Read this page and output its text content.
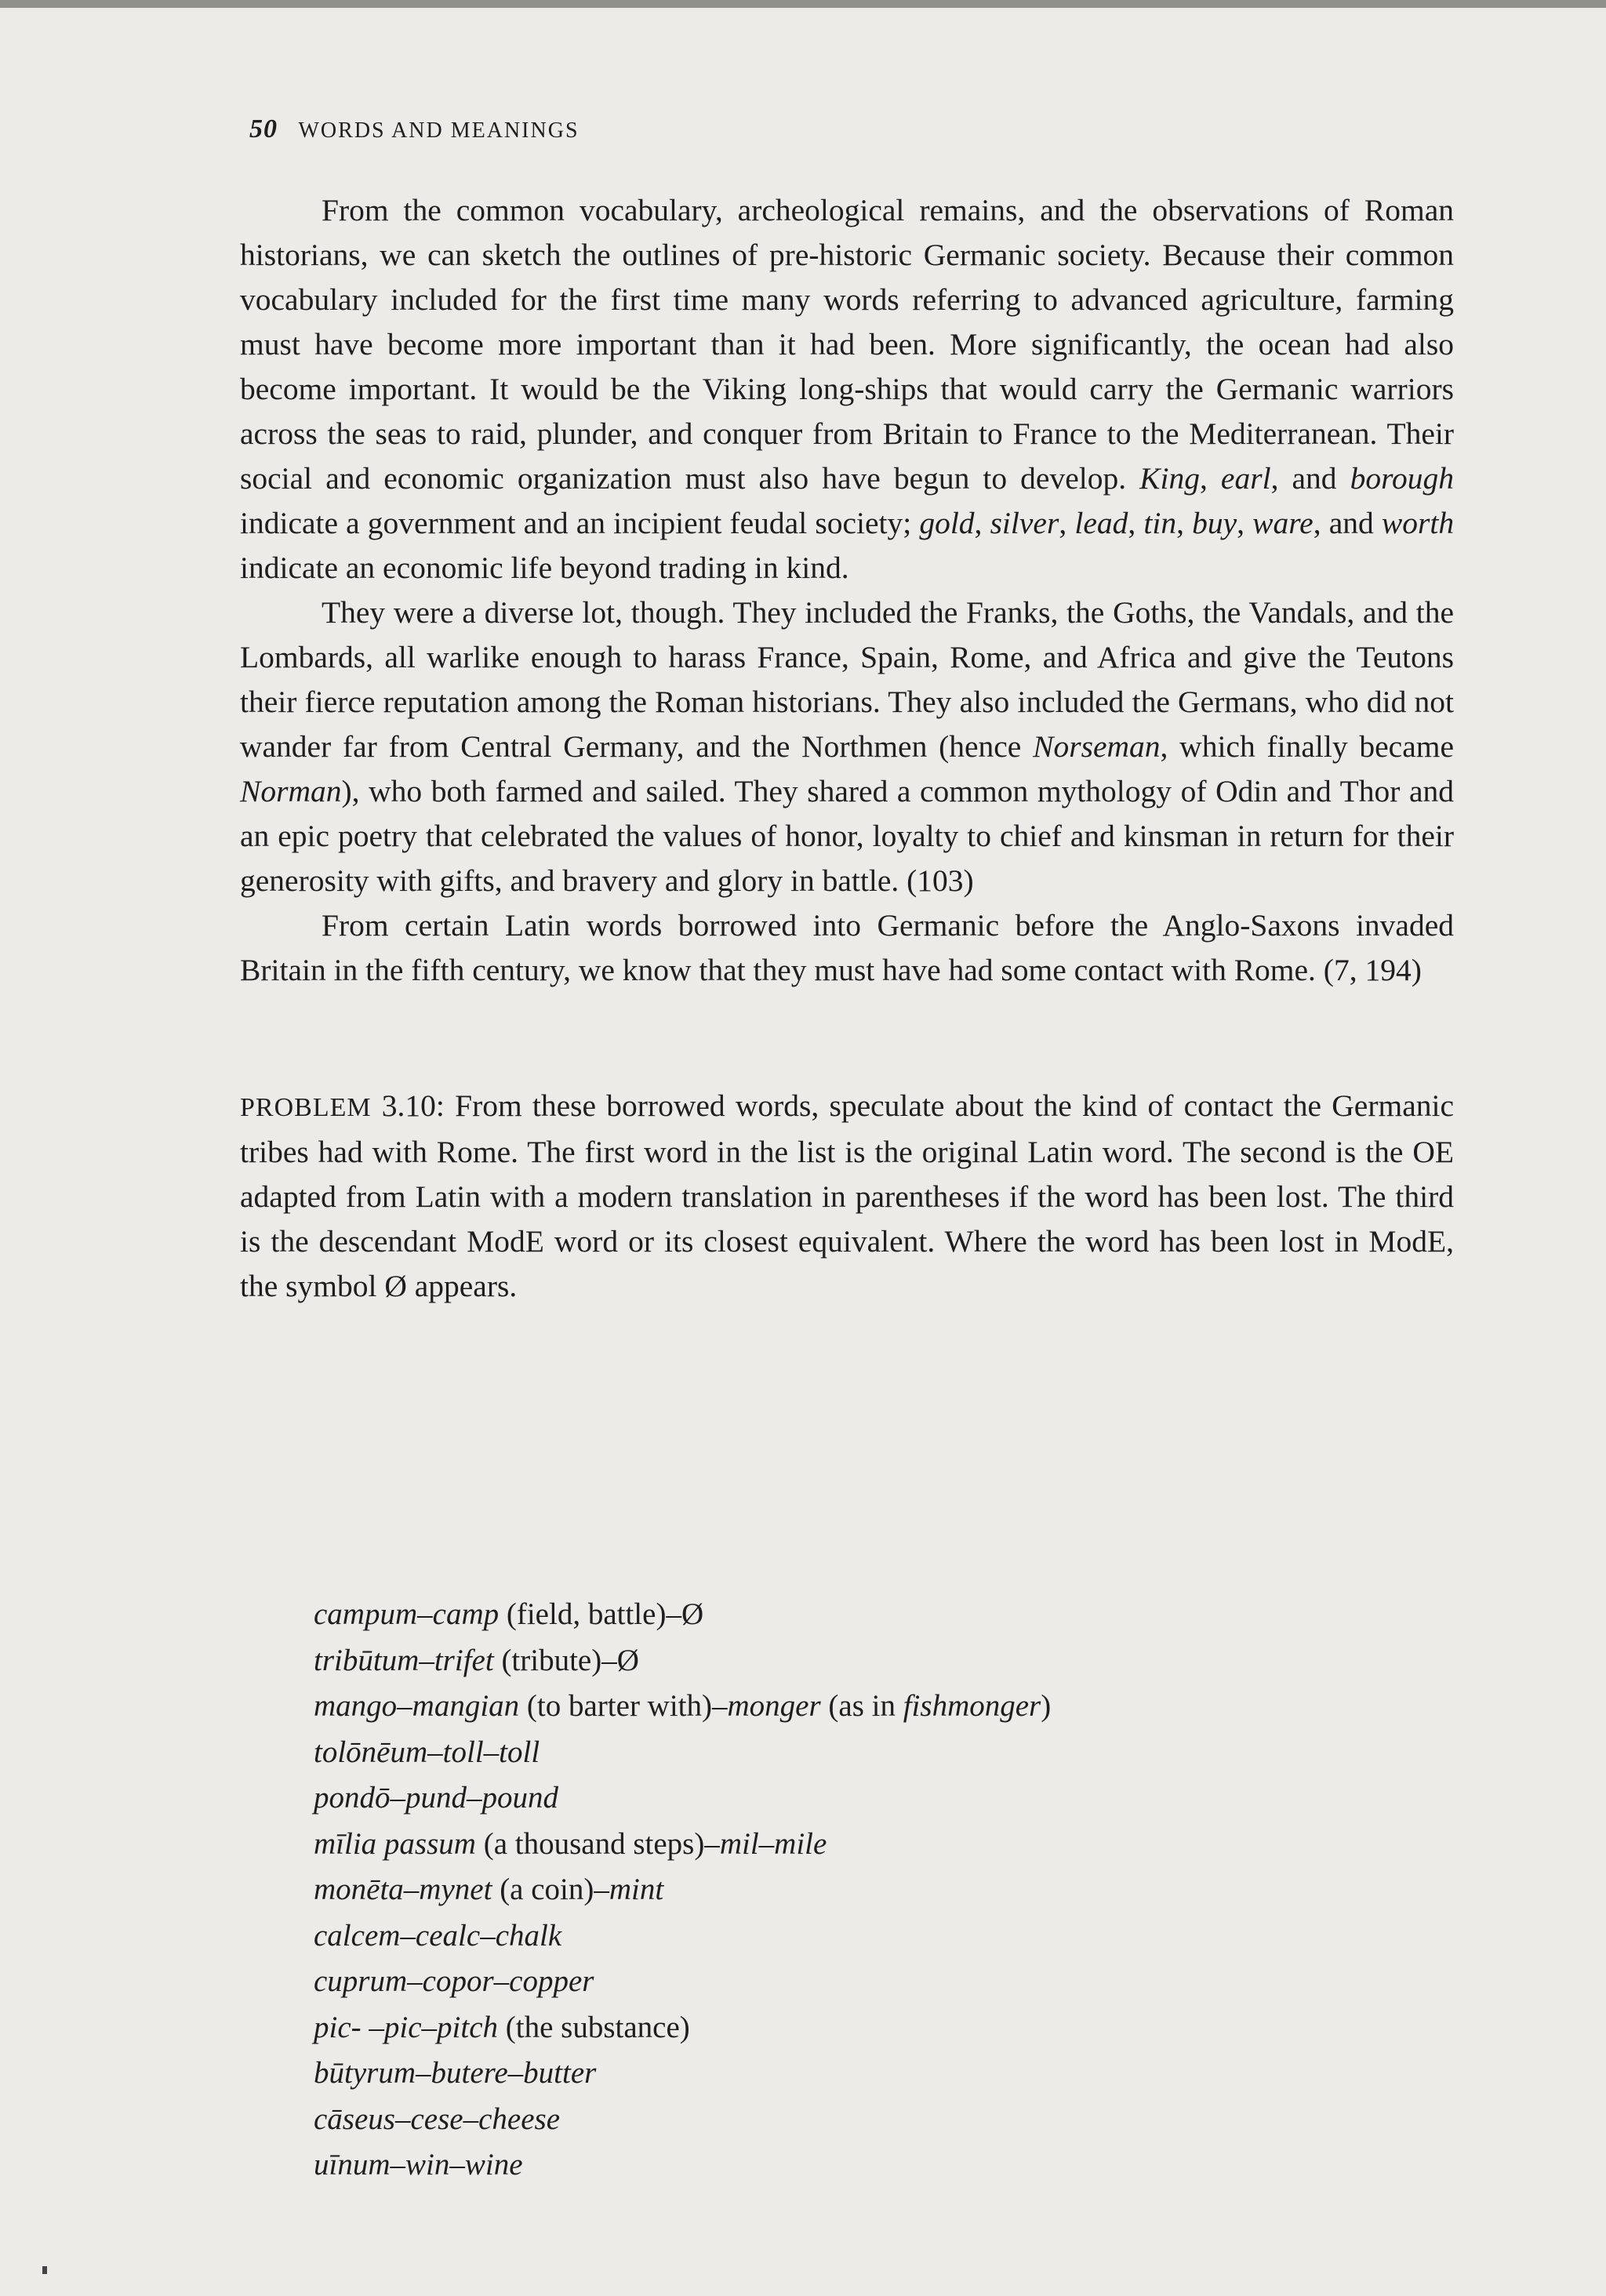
50 WORDS AND MEANINGS

From the common vocabulary, archeological remains, and the observations of Roman historians, we can sketch the outlines of pre-historic Germanic society. Because their common vocabulary included for the first time many words referring to advanced agriculture, farming must have become more important than it had been. More significantly, the ocean had also become important. It would be the Viking long-ships that would carry the Germanic warriors across the seas to raid, plunder, and conquer from Britain to France to the Mediterranean. Their social and economic organization must also have begun to develop. King, earl, and borough indicate a government and an incipient feudal society; gold, silver, lead, tin, buy, ware, and worth indicate an economic life beyond trading in kind.

They were a diverse lot, though. They included the Franks, the Goths, the Vandals, and the Lombards, all warlike enough to harass France, Spain, Rome, and Africa and give the Teutons their fierce reputation among the Roman historians. They also included the Germans, who did not wander far from Central Germany, and the Northmen (hence Norseman, which finally became Norman), who both farmed and sailed. They shared a common mythology of Odin and Thor and an epic poetry that celebrated the values of honor, loyalty to chief and kinsman in return for their generosity with gifts, and bravery and glory in battle. (103)

From certain Latin words borrowed into Germanic before the Anglo-Saxons invaded Britain in the fifth century, we know that they must have had some contact with Rome. (7, 194)

PROBLEM 3.10: From these borrowed words, speculate about the kind of contact the Germanic tribes had with Rome. The first word in the list is the original Latin word. The second is the OE adapted from Latin with a modern translation in parentheses if the word has been lost. The third is the descendant ModE word or its closest equivalent. Where the word has been lost in ModE, the symbol Ø appears.

campum–camp (field, battle)–Ø
tribūtum–trifet (tribute)–Ø
mango–mangian (to barter with)–monger (as in fishmonger)
tolōnēum–toll–toll
pondō–pund–pound
mīlia passum (a thousand steps)–mil–mile
monēta–mynet (a coin)–mint
calcem–cealc–chalk
cuprum–copor–copper
pic- –pic–pitch (the substance)
būtyrum–butere–butter
cāseus–cese–cheese
uīnum–win–wine
